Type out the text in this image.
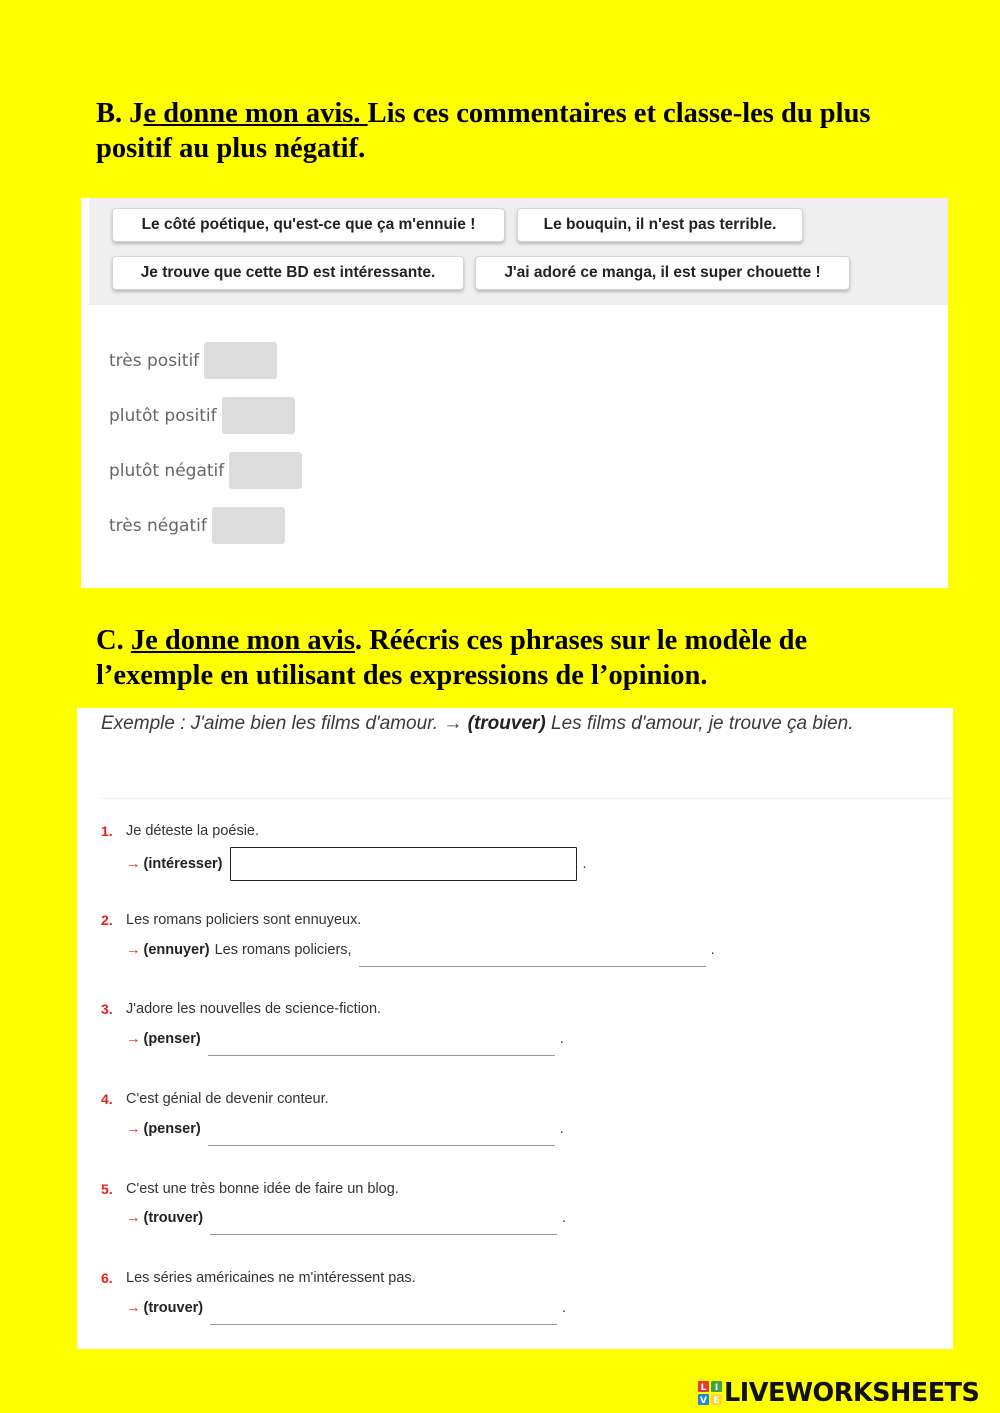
B. Je donne mon avis. Lis ces commentaires et classe-les du plus positif au plus négatif.
Le côté poétique, qu'est-ce que ça m'ennuie !	Le bouquin, il n'est pas terrible.
Je trouve que cette BD est intéressante.	J'ai adoré ce manga, il est super chouette !
très positif
plutôt positif
plutôt négatif
très négatif
C. Je donne mon avis. Réécris ces phrases sur le modèle de l’exemple en utilisant des expressions de l’opinion.
Exemple : J'aime bien les films d'amour. → (trouver) Les films d'amour, je trouve ça bien.
1. Je déteste la poésie.
→ (intéresser)	.
2. Les romans policiers sont ennuyeux.
→ (ennuyer) Les romans policiers,	.
3. J'adore les nouvelles de science-fiction.
→ (penser)	.
4. C'est génial de devenir conteur.
→ (penser)	.
5. C'est une très bonne idée de faire un blog.
→ (trouver)	.
6. Les séries américaines ne m'intéressent pas.
→ (trouver)	.
L I
V E LIVEWORKSHEETS
